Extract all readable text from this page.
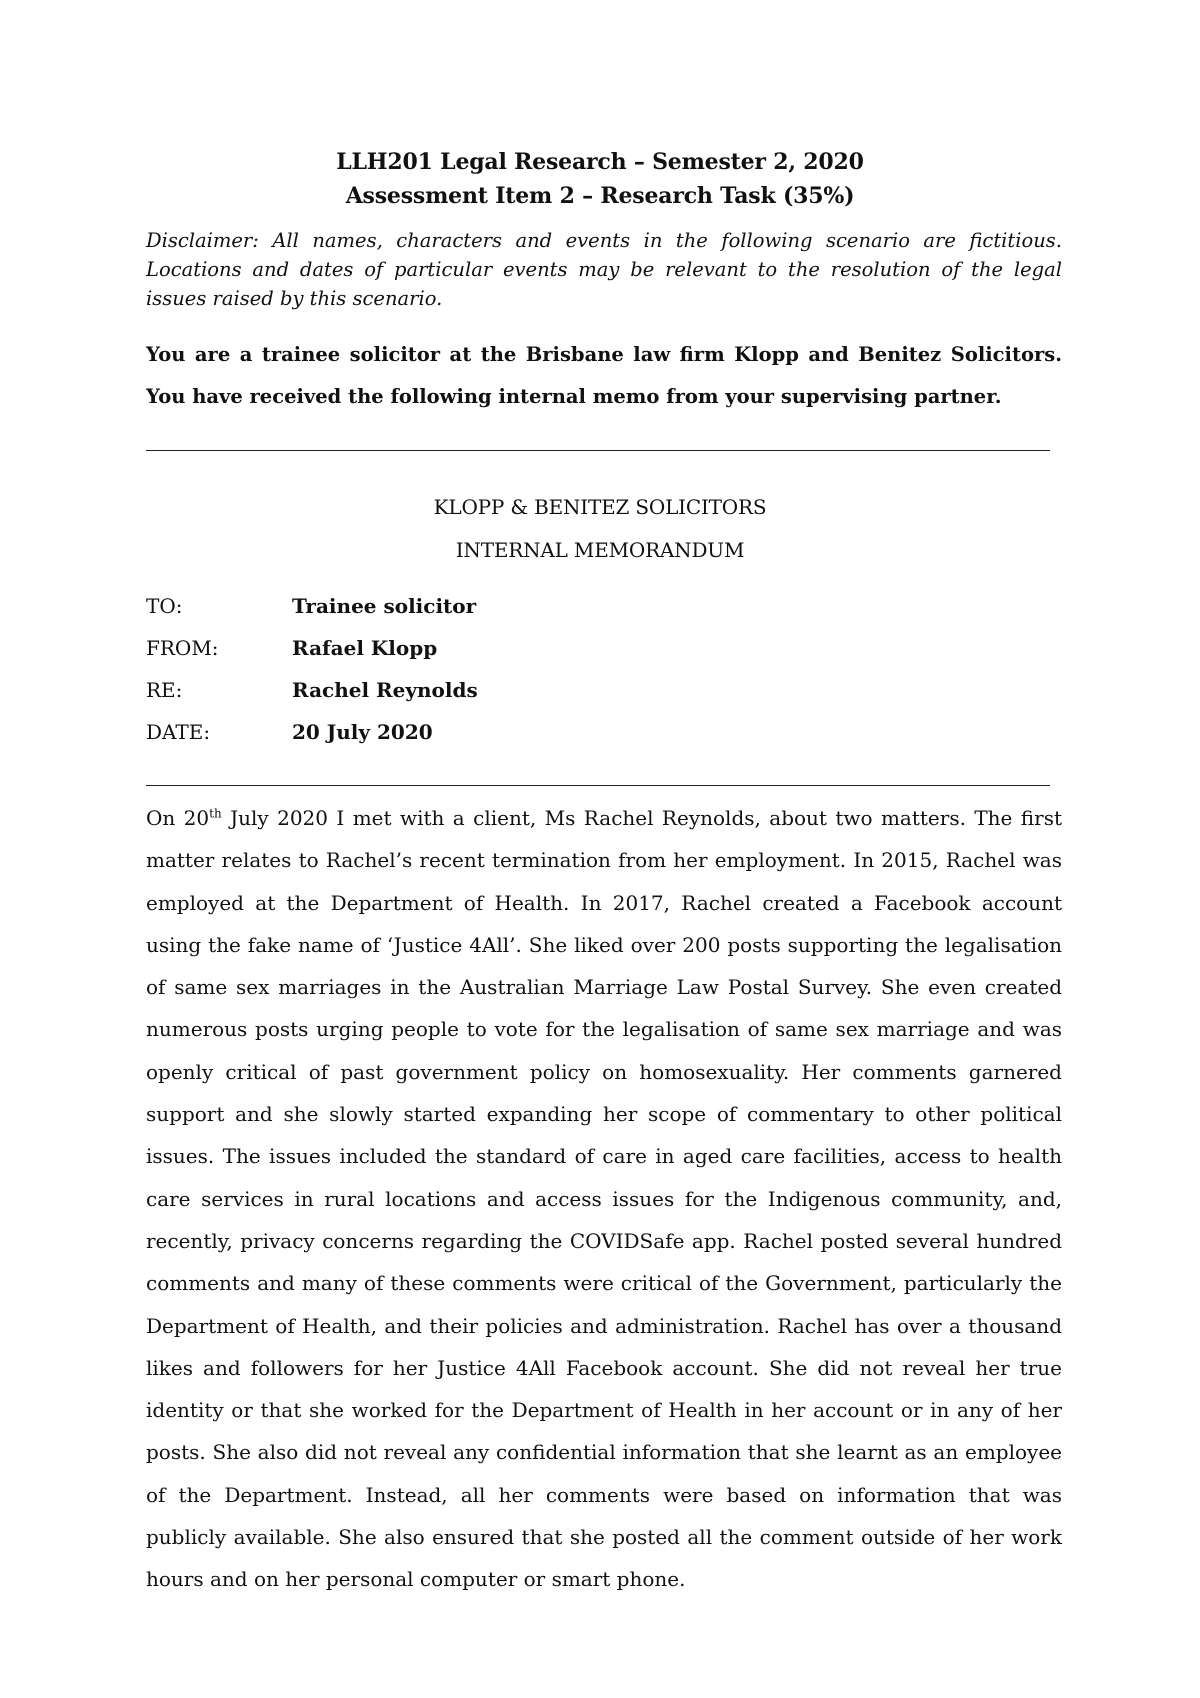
LLH201 Legal Research – Semester 2, 2020
Assessment Item 2 – Research Task (35%)
Disclaimer: All names, characters and events in the following scenario are fictitious. Locations and dates of particular events may be relevant to the resolution of the legal issues raised by this scenario.
You are a trainee solicitor at the Brisbane law firm Klopp and Benitez Solicitors. You have received the following internal memo from your supervising partner.
KLOPP & BENITEZ SOLICITORS
INTERNAL MEMORANDUM
TO:	Trainee solicitor
FROM:	Rafael Klopp
RE:	Rachel Reynolds
DATE:	20 July 2020
On 20th July 2020 I met with a client, Ms Rachel Reynolds, about two matters. The first matter relates to Rachel’s recent termination from her employment. In 2015, Rachel was employed at the Department of Health. In 2017, Rachel created a Facebook account using the fake name of ‘Justice 4All’. She liked over 200 posts supporting the legalisation of same sex marriages in the Australian Marriage Law Postal Survey. She even created numerous posts urging people to vote for the legalisation of same sex marriage and was openly critical of past government policy on homosexuality. Her comments garnered support and she slowly started expanding her scope of commentary to other political issues. The issues included the standard of care in aged care facilities, access to health care services in rural locations and access issues for the Indigenous community, and, recently, privacy concerns regarding the COVIDSafe app. Rachel posted several hundred comments and many of these comments were critical of the Government, particularly the Department of Health, and their policies and administration. Rachel has over a thousand likes and followers for her Justice 4All Facebook account. She did not reveal her true identity or that she worked for the Department of Health in her account or in any of her posts. She also did not reveal any confidential information that she learnt as an employee of the Department. Instead, all her comments were based on information that was publicly available. She also ensured that she posted all the comment outside of her work hours and on her personal computer or smart phone.
